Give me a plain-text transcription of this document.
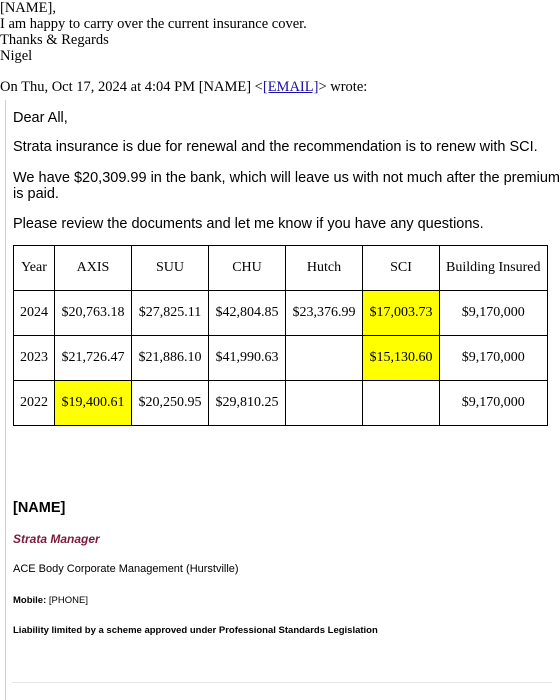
[NAME],
I am happy to carry over the current insurance cover.
Thanks & Regards
Nigel
On Thu, Oct 17, 2024 at 4:04 PM [NAME] <[EMAIL]> wrote:
Dear All,
Strata insurance is due for renewal and the recommendation is to renew with SCI.
We have $20,309.99 in the bank, which will leave us with not much after the premium is paid.
Please review the documents and let me know if you have any questions.
Year	AXIS	SUU	CHU	Hutch	SCI	Building Insured
2024	$20,763.18	$27,825.11	$42,804.85	$23,376.99	$17,003.73	$9,170,000
2023	$21,726.47	$21,886.10	$41,990.63		$15,130.60	$9,170,000
2022	$19,400.61	$20,250.95	$29,810.25			$9,170,000
[NAME]
Strata Manager
ACE Body Corporate Management (Hurstville)
Mobile: [PHONE]
Liability limited by a scheme approved under Professional Standards Legislation
